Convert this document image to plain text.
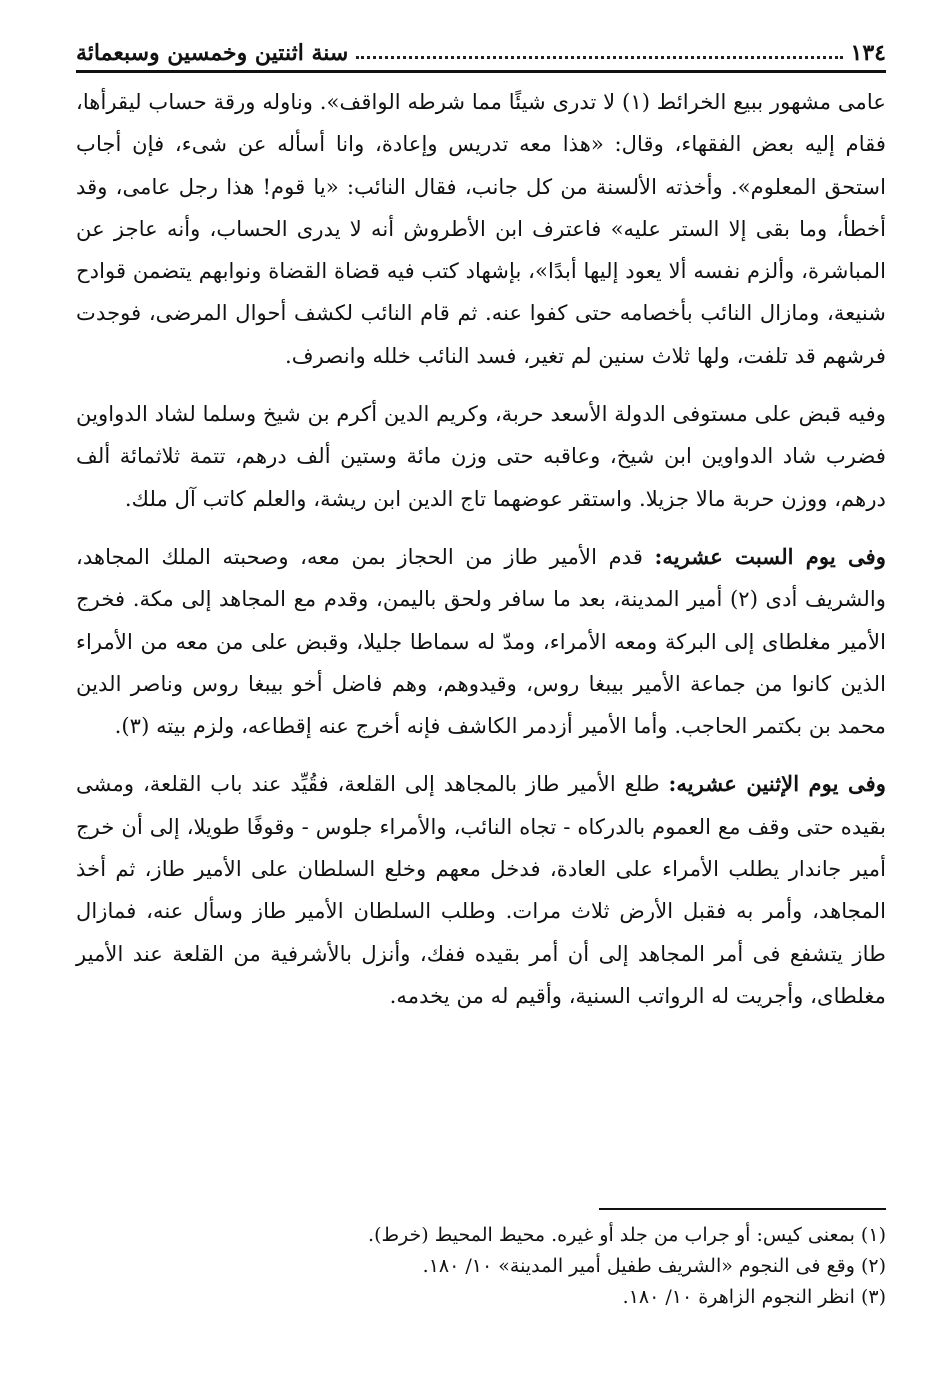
١٣٤
سنة اثنتين وخمسين وسبعمائة

عامى مشهور ببيع الخرائط (١) لا تدرى شيئًا مما شرطه الواقف». وناوله ورقة حساب ليقرأها، فقام إليه بعض الفقهاء، وقال: «هذا معه تدريس وإعادة، وانا أسأله عن شىء، فإن أجاب استحق المعلوم». وأخذته الألسنة من كل جانب، فقال النائب: «يا قوم! هذا رجل عامى، وقد أخطأ، وما بقى إلا الستر عليه» فاعترف ابن الأطروش أنه لا يدرى الحساب، وأنه عاجز عن المباشرة، وألزم نفسه ألا يعود إليها أبدًا»، بإشهاد كتب فيه قضاة القضاة ونوابهم يتضمن قوادح شنيعة، ومازال النائب بأخصامه حتى كفوا عنه. ثم قام النائب لكشف أحوال المرضى، فوجدت فرشهم قد تلفت، ولها ثلاث سنين لم تغير، فسد النائب خلله وانصرف.

وفيه قبض على مستوفى الدولة الأسعد حربة، وكريم الدين أكرم بن شيخ وسلما لشاد الدواوين فضرب شاد الدواوين ابن شيخ، وعاقبه حتى وزن مائة وستين ألف درهم، تتمة ثلاثمائة ألف درهم، ووزن حربة مالا جزيلا. واستقر عوضهما تاج الدين ابن ريشة، والعلم كاتب آل ملك.

وفى يوم السبت عشريه: قدم الأمير طاز من الحجاز بمن معه، وصحبته الملك المجاهد، والشريف أدى (٢) أمير المدينة، بعد ما سافر ولحق باليمن، وقدم مع المجاهد إلى مكة. فخرج الأمير مغلطاى إلى البركة ومعه الأمراء، ومدّ له سماطا جليلا، وقبض على من معه من الأمراء الذين كانوا من جماعة الأمير بيبغا روس، وقيدوهم، وهم فاضل أخو بيبغا روس وناصر الدين محمد بن بكتمر الحاجب. وأما الأمير أزدمر الكاشف فإنه أخرج عنه إقطاعه، ولزم بيته (٣).

وفى يوم الإثنين عشريه: طلع الأمير طاز بالمجاهد إلى القلعة، فقُيِّد عند باب القلعة، ومشى بقيده حتى وقف مع العموم بالدركاه - تجاه النائب، والأمراء جلوس - وقوفًا طويلا، إلى أن خرج أمير جاندار يطلب الأمراء على العادة، فدخل معهم وخلع السلطان على الأمير طاز، ثم أخذ المجاهد، وأمر به فقبل الأرض ثلاث مرات. وطلب السلطان الأمير طاز وسأل عنه، فمازال طاز يتشفع فى أمر المجاهد إلى أن أمر بقيده ففك، وأنزل بالأشرفية من القلعة عند الأمير مغلطاى، وأجريت له الرواتب السنية، وأقيم له من يخدمه.

(١) بمعنى كيس: أو جراب من جلد أو غيره. محيط المحيط (خرط).
(٢) وقع فى النجوم «الشريف طفيل أمير المدينة» ١٠/ ١٨٠.
(٣) انظر النجوم الزاهرة ١٠/ ١٨٠.
